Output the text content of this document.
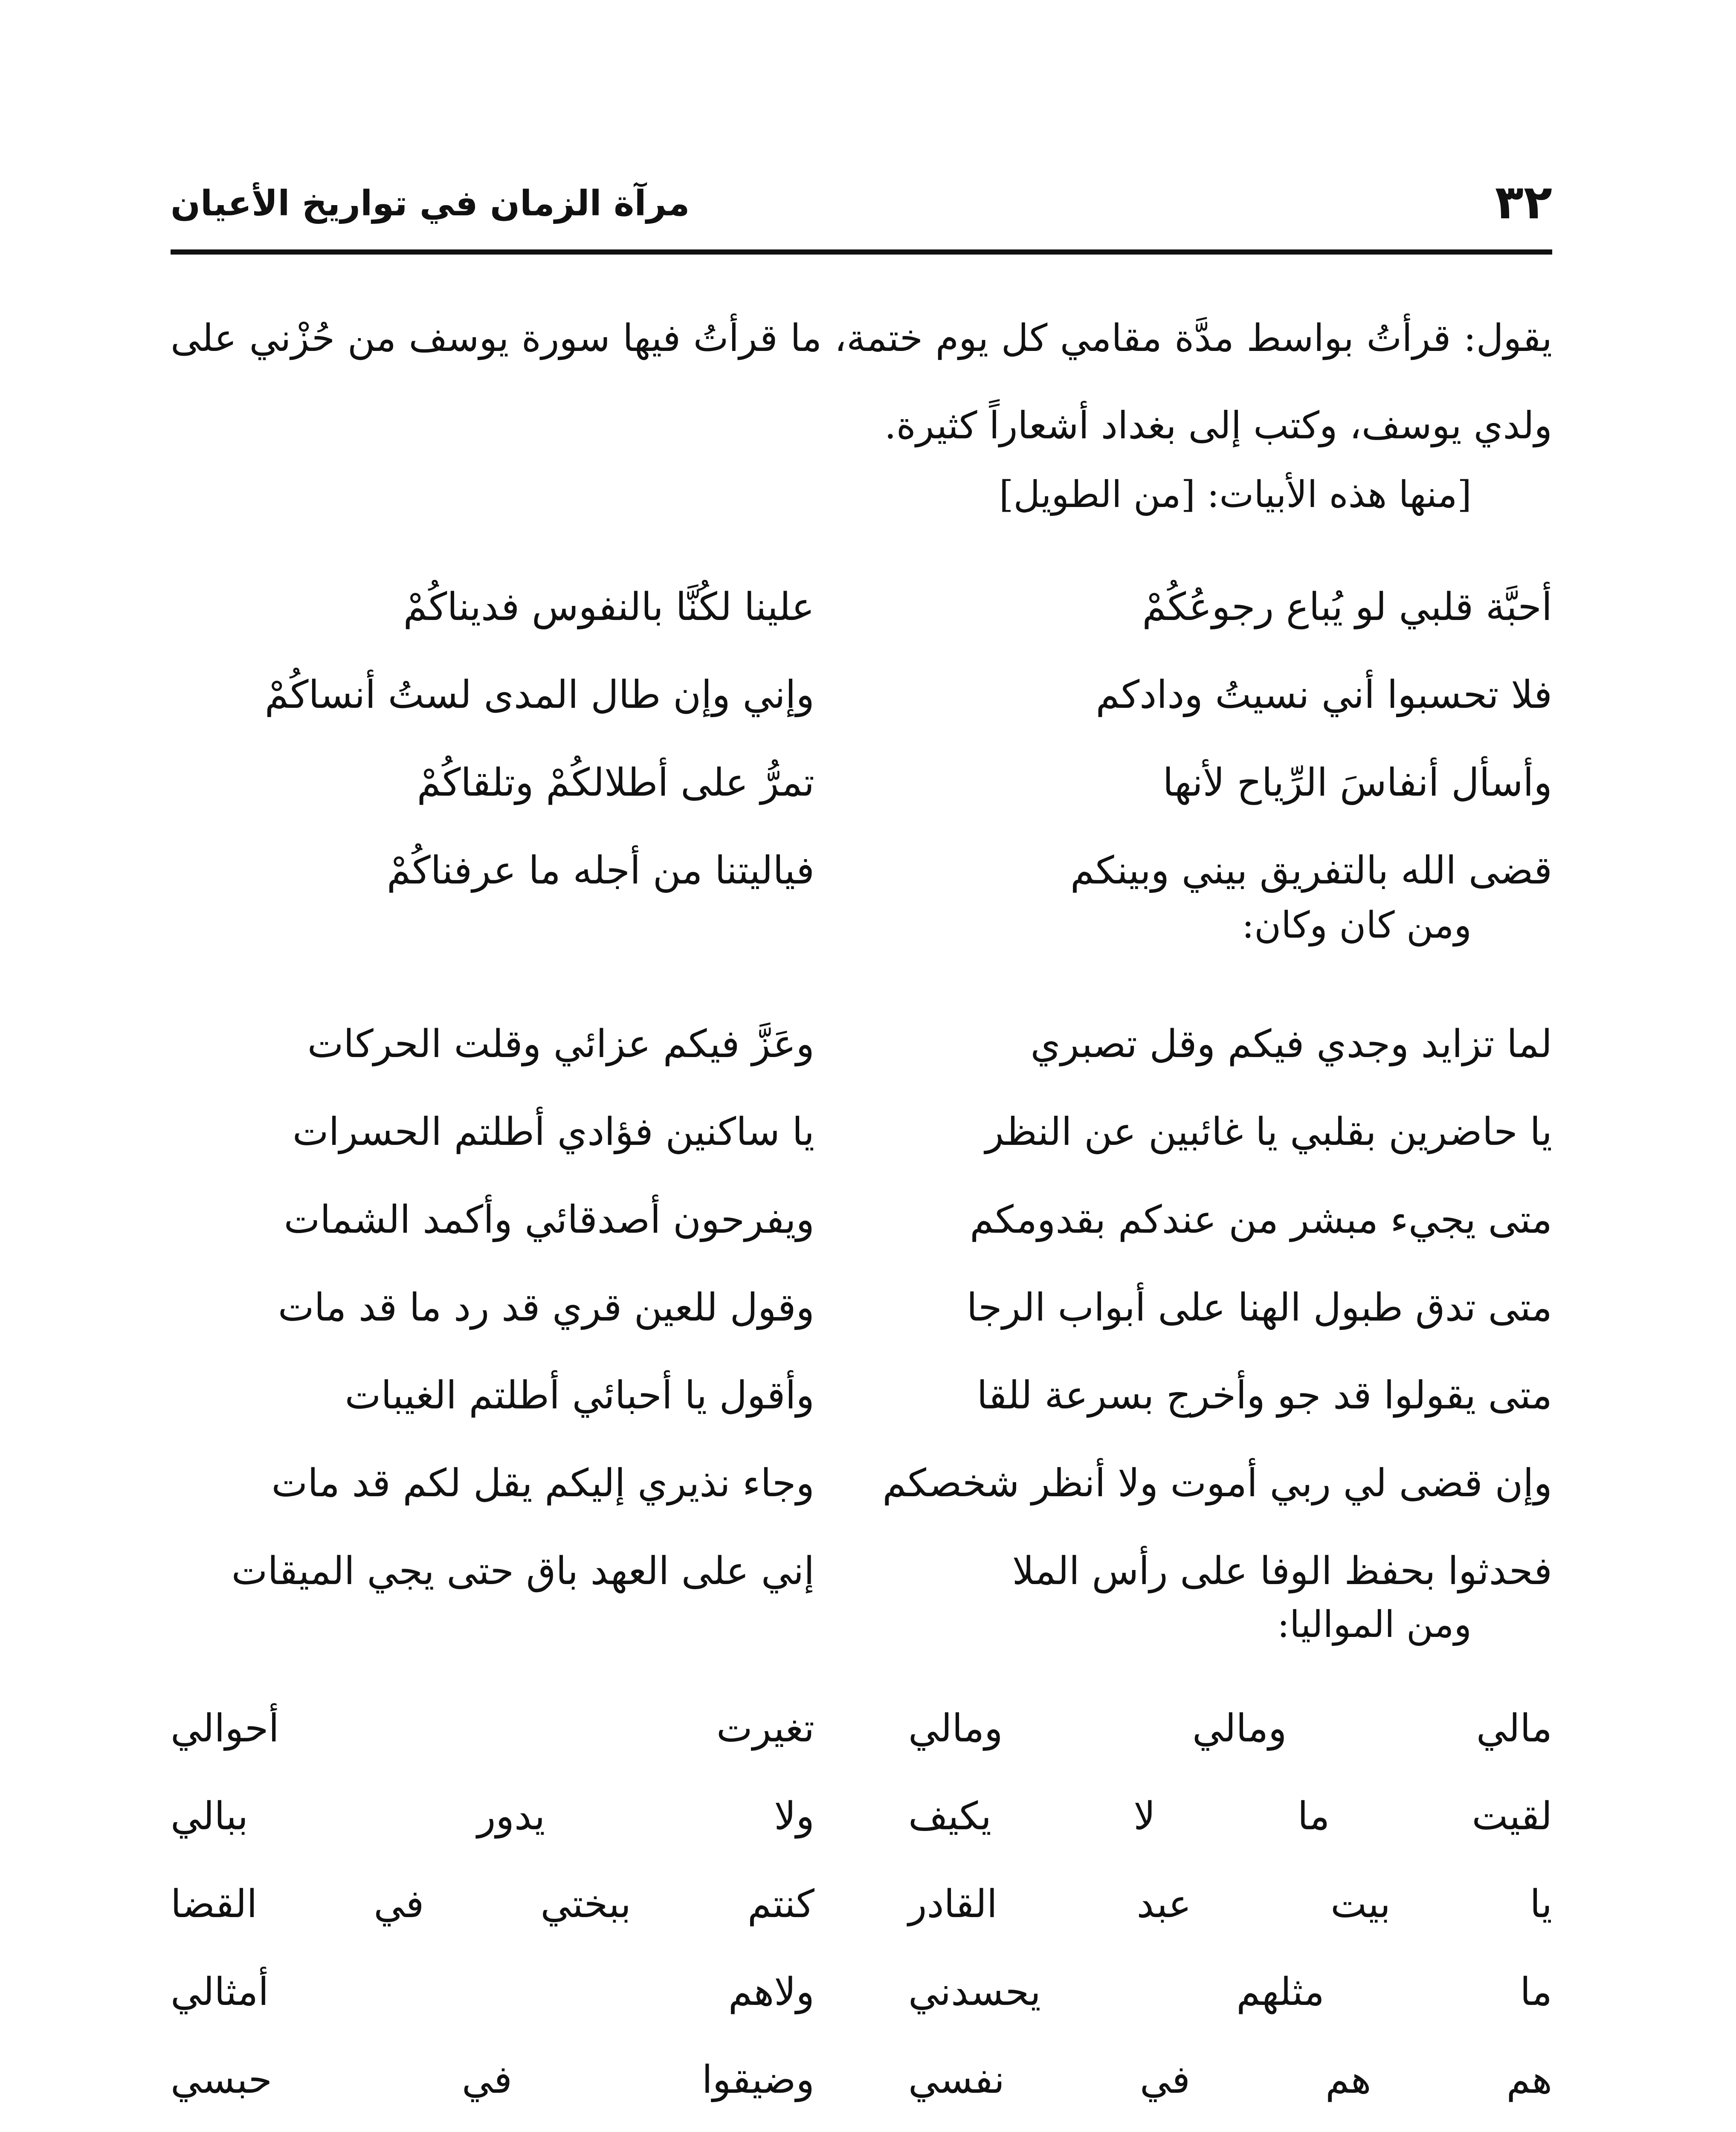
٣٢
مرآة الزمان في تواريخ الأعيان

يقول: قرأتُ بواسط مدَّة مقامي كل يوم ختمة، ما قرأتُ فيها سورة يوسف من حُزْني على ولدي يوسف، وكتب إلى بغداد أشعاراً كثيرة.

[منها هذه الأبيات: [من الطويل]
أحبَّة قلبي لو يُباع رجوعُكُمْ
علينا لكُنَّا بالنفوس فديناكُمْ
فلا تحسبوا أني نسيتُ ودادكم
وإني وإن طال المدى لستُ أنساكُمْ
وأسأل أنفاسَ الرِّياح لأنها
تمرُّ على أطلالكُمْ وتلقاكُمْ
قضى الله بالتفريق بيني وبينكم
فياليتنا من أجله ما عرفناكُمْ
ومن كان وكان:
لما تزايد وجدي فيكم وقل تصبري
وعَزَّ فيكم عزائي وقلت الحركات
يا حاضرين بقلبي يا غائبين عن النظر
يا ساكنين فؤادي أطلتم الحسرات
متى يجيء مبشر من عندكم بقدومكم
ويفرحون أصدقائي وأكمد الشمات
متى تدق طبول الهنا على أبواب الرجا
وقول للعين قري قد رد ما قد مات
متى يقولوا قد جو وأخرج بسرعة للقا
وأقول يا أحبائي أطلتم الغيبات
وإن قضى لي ربي أموت ولا أنظر شخصكم
وجاء نذيري إليكم يقل لكم قد مات
فحدثوا بحفظ الوفا على رأس الملا
إني على العهد باق حتى يجي الميقات
ومن المواليا:
مالي ومالي ومالي
تغيرت أحوالي
لقيت ما لا يكيف
ولا يدور ببالي
يا بيت عبد القادر
كنتم ببختي في القضا
ما مثلهم يحسدني
ولاهم أمثالي
هم هم في نفسي
وضيقوا في حبسي
